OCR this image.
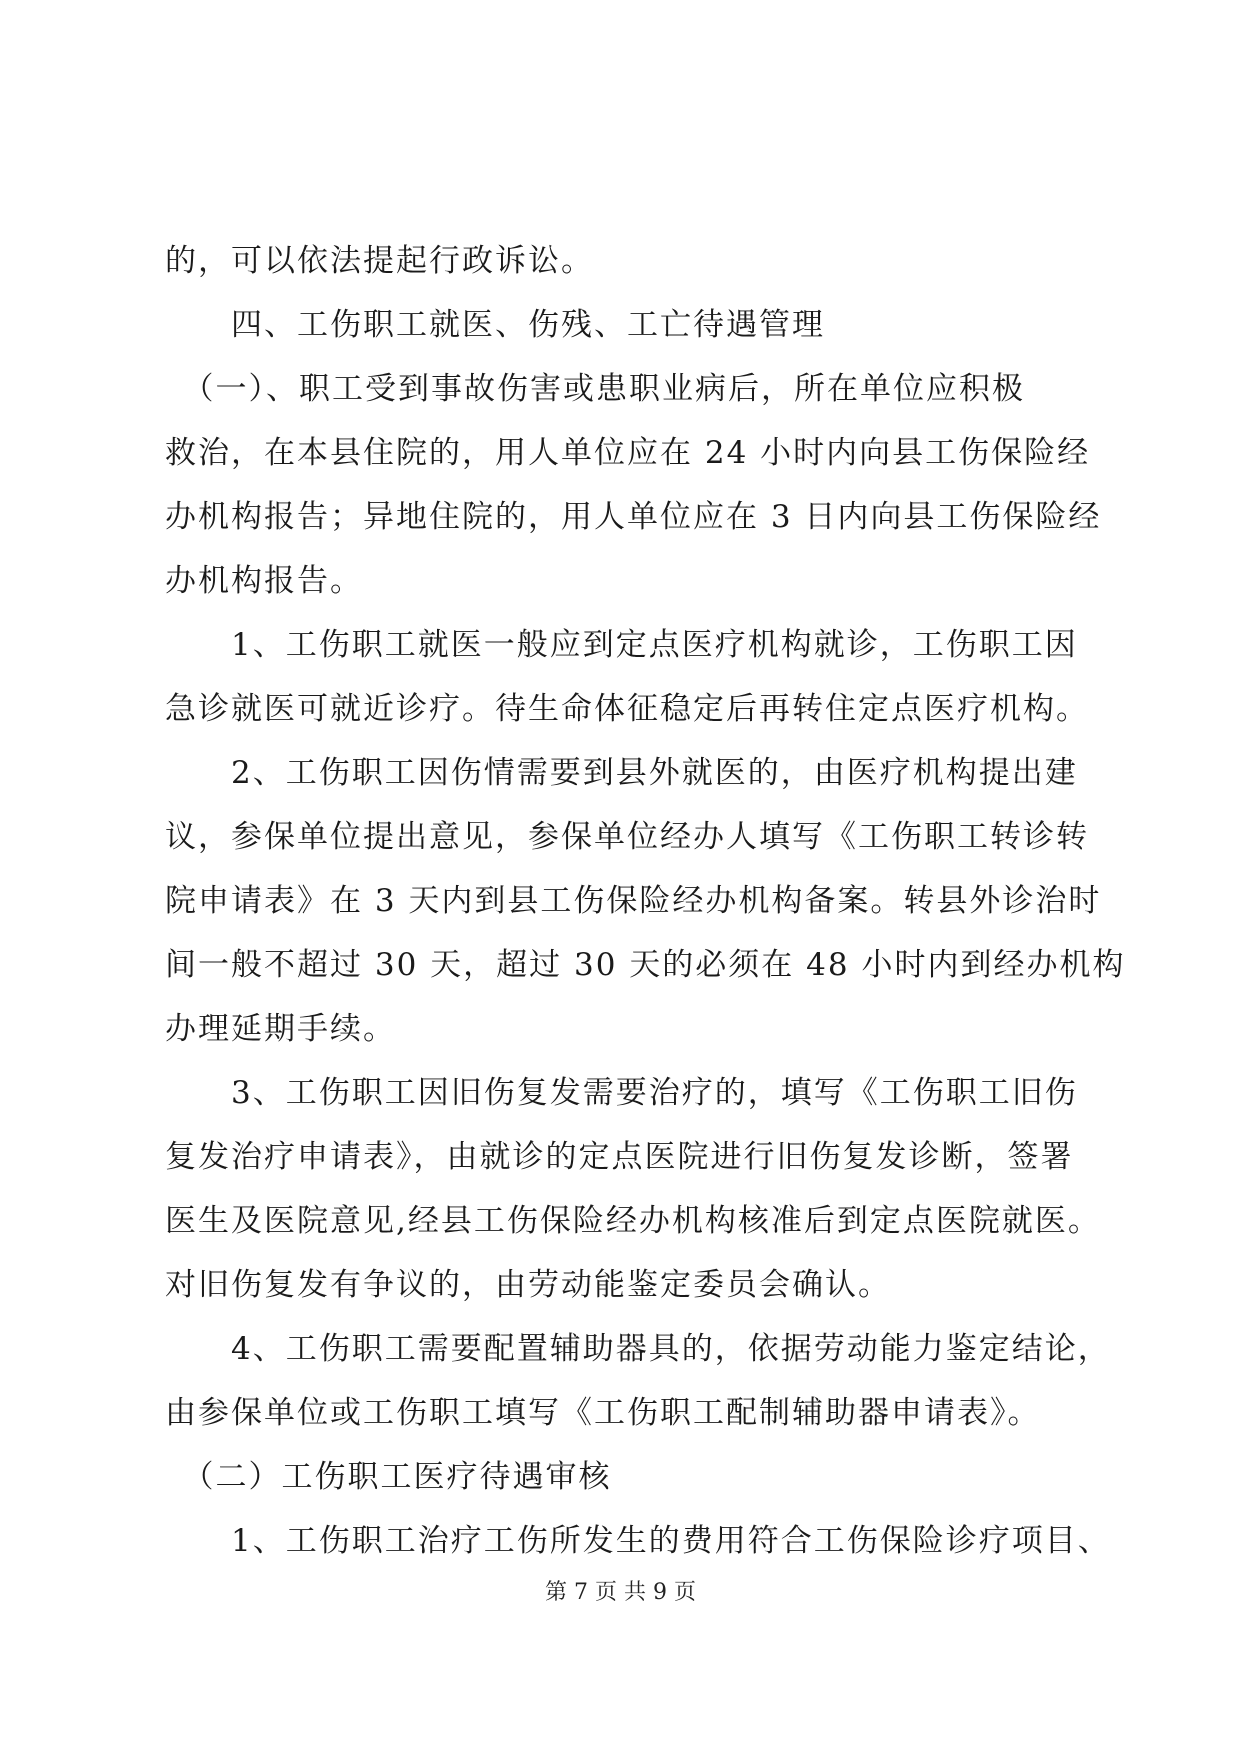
的，可以依法提起行政诉讼。
　　四、工伤职工就医、伤残、工亡待遇管理
　（一）、职工受到事故伤害或患职业病后，所在单位应积极
救治，在本县住院的，用人单位应在 24 小时内向县工伤保险经
办机构报告；异地住院的，用人单位应在 3 日内向县工伤保险经
办机构报告。
　　1、工伤职工就医一般应到定点医疗机构就诊，工伤职工因
急诊就医可就近诊疗。待生命体征稳定后再转住定点医疗机构。
　　2、工伤职工因伤情需要到县外就医的，由医疗机构提出建
议，参保单位提出意见，参保单位经办人填写《工伤职工转诊转
院申请表》在 3 天内到县工伤保险经办机构备案。转县外诊治时
间一般不超过 30 天，超过 30 天的必须在 48 小时内到经办机构
办理延期手续。
　　3、工伤职工因旧伤复发需要治疗的，填写《工伤职工旧伤
复发治疗申请表》，由就诊的定点医院进行旧伤复发诊断，签署
医生及医院意见,经县工伤保险经办机构核准后到定点医院就医。
对旧伤复发有争议的，由劳动能鉴定委员会确认。
　　4、工伤职工需要配置辅助器具的，依据劳动能力鉴定结论，
由参保单位或工伤职工填写《工伤职工配制辅助器申请表》。
　（二）工伤职工医疗待遇审核
　　1、工伤职工治疗工伤所发生的费用符合工伤保险诊疗项目、
第 7 页 共 9 页
